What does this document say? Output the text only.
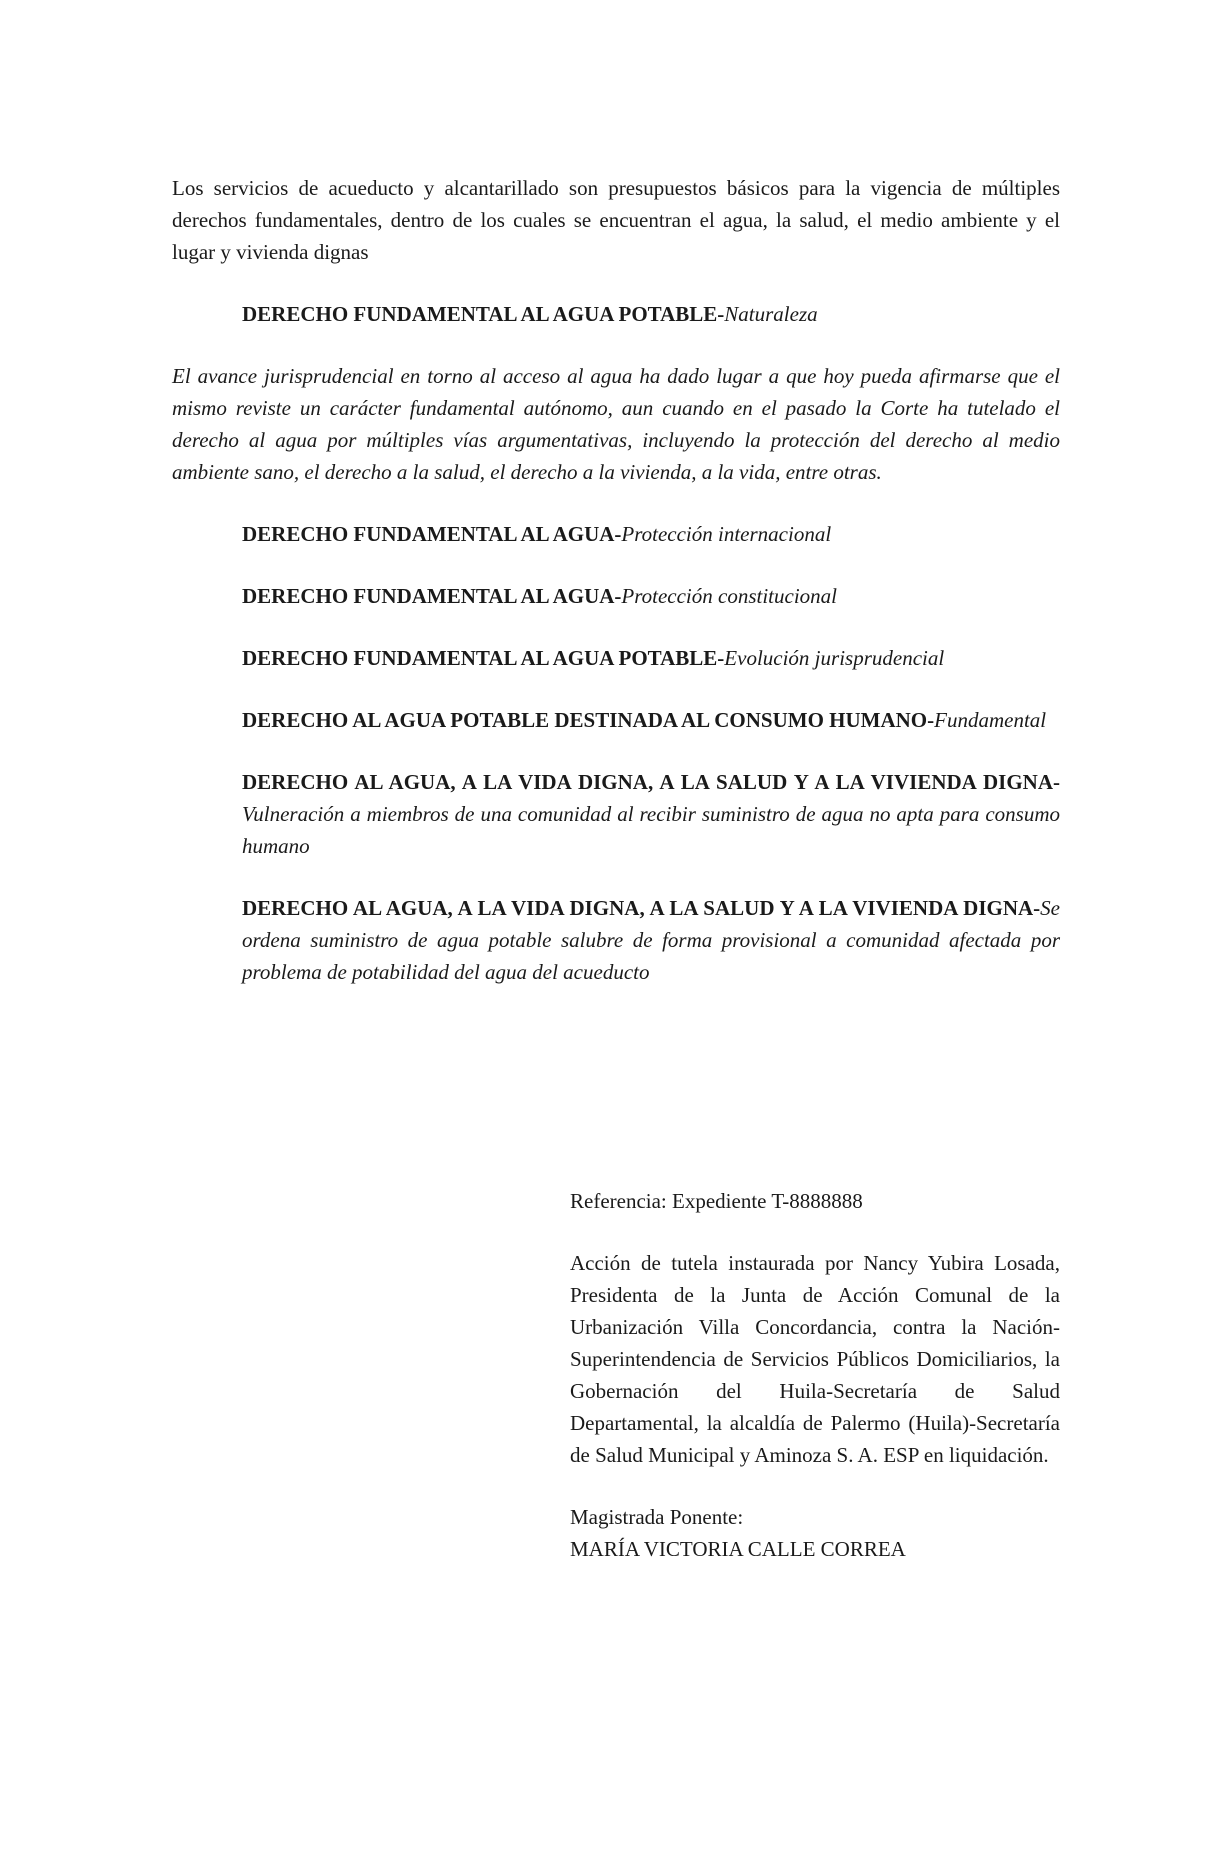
Los servicios de acueducto y alcantarillado son presupuestos básicos para la vigencia de múltiples derechos fundamentales, dentro de los cuales se encuentran el agua, la salud, el medio ambiente y el lugar y vivienda dignas

DERECHO FUNDAMENTAL AL AGUA POTABLE-Naturaleza

El avance jurisprudencial en torno al acceso al agua ha dado lugar a que hoy pueda afirmarse que el mismo reviste un carácter fundamental autónomo, aun cuando en el pasado la Corte ha tutelado el derecho al agua por múltiples vías argumentativas, incluyendo la protección del derecho al medio ambiente sano, el derecho a la salud, el derecho a la vivienda, a la vida, entre otras.

DERECHO FUNDAMENTAL AL AGUA-Protección internacional

DERECHO FUNDAMENTAL AL AGUA-Protección constitucional

DERECHO FUNDAMENTAL AL AGUA POTABLE-Evolución jurisprudencial

DERECHO AL AGUA POTABLE DESTINADA AL CONSUMO HUMANO-Fundamental

DERECHO AL AGUA, A LA VIDA DIGNA, A LA SALUD Y A LA VIVIENDA DIGNA-Vulneración a miembros de una comunidad al recibir suministro de agua no apta para consumo humano

DERECHO AL AGUA, A LA VIDA DIGNA, A LA SALUD Y A LA VIVIENDA DIGNA-Se ordena suministro de agua potable salubre de forma provisional a comunidad afectada por problema de potabilidad del agua del acueducto

Referencia: Expediente T-8888888

Acción de tutela instaurada por Nancy Yubira Losada, Presidenta de la Junta de Acción Comunal de la Urbanización Villa Concordancia, contra la Nación-Superintendencia de Servicios Públicos Domiciliarios, la Gobernación del Huila-Secretaría de Salud Departamental, la alcaldía de Palermo (Huila)-Secretaría de Salud Municipal y Aminoza S. A. ESP en liquidación.

Magistrada Ponente:
MARÍA VICTORIA CALLE CORREA
